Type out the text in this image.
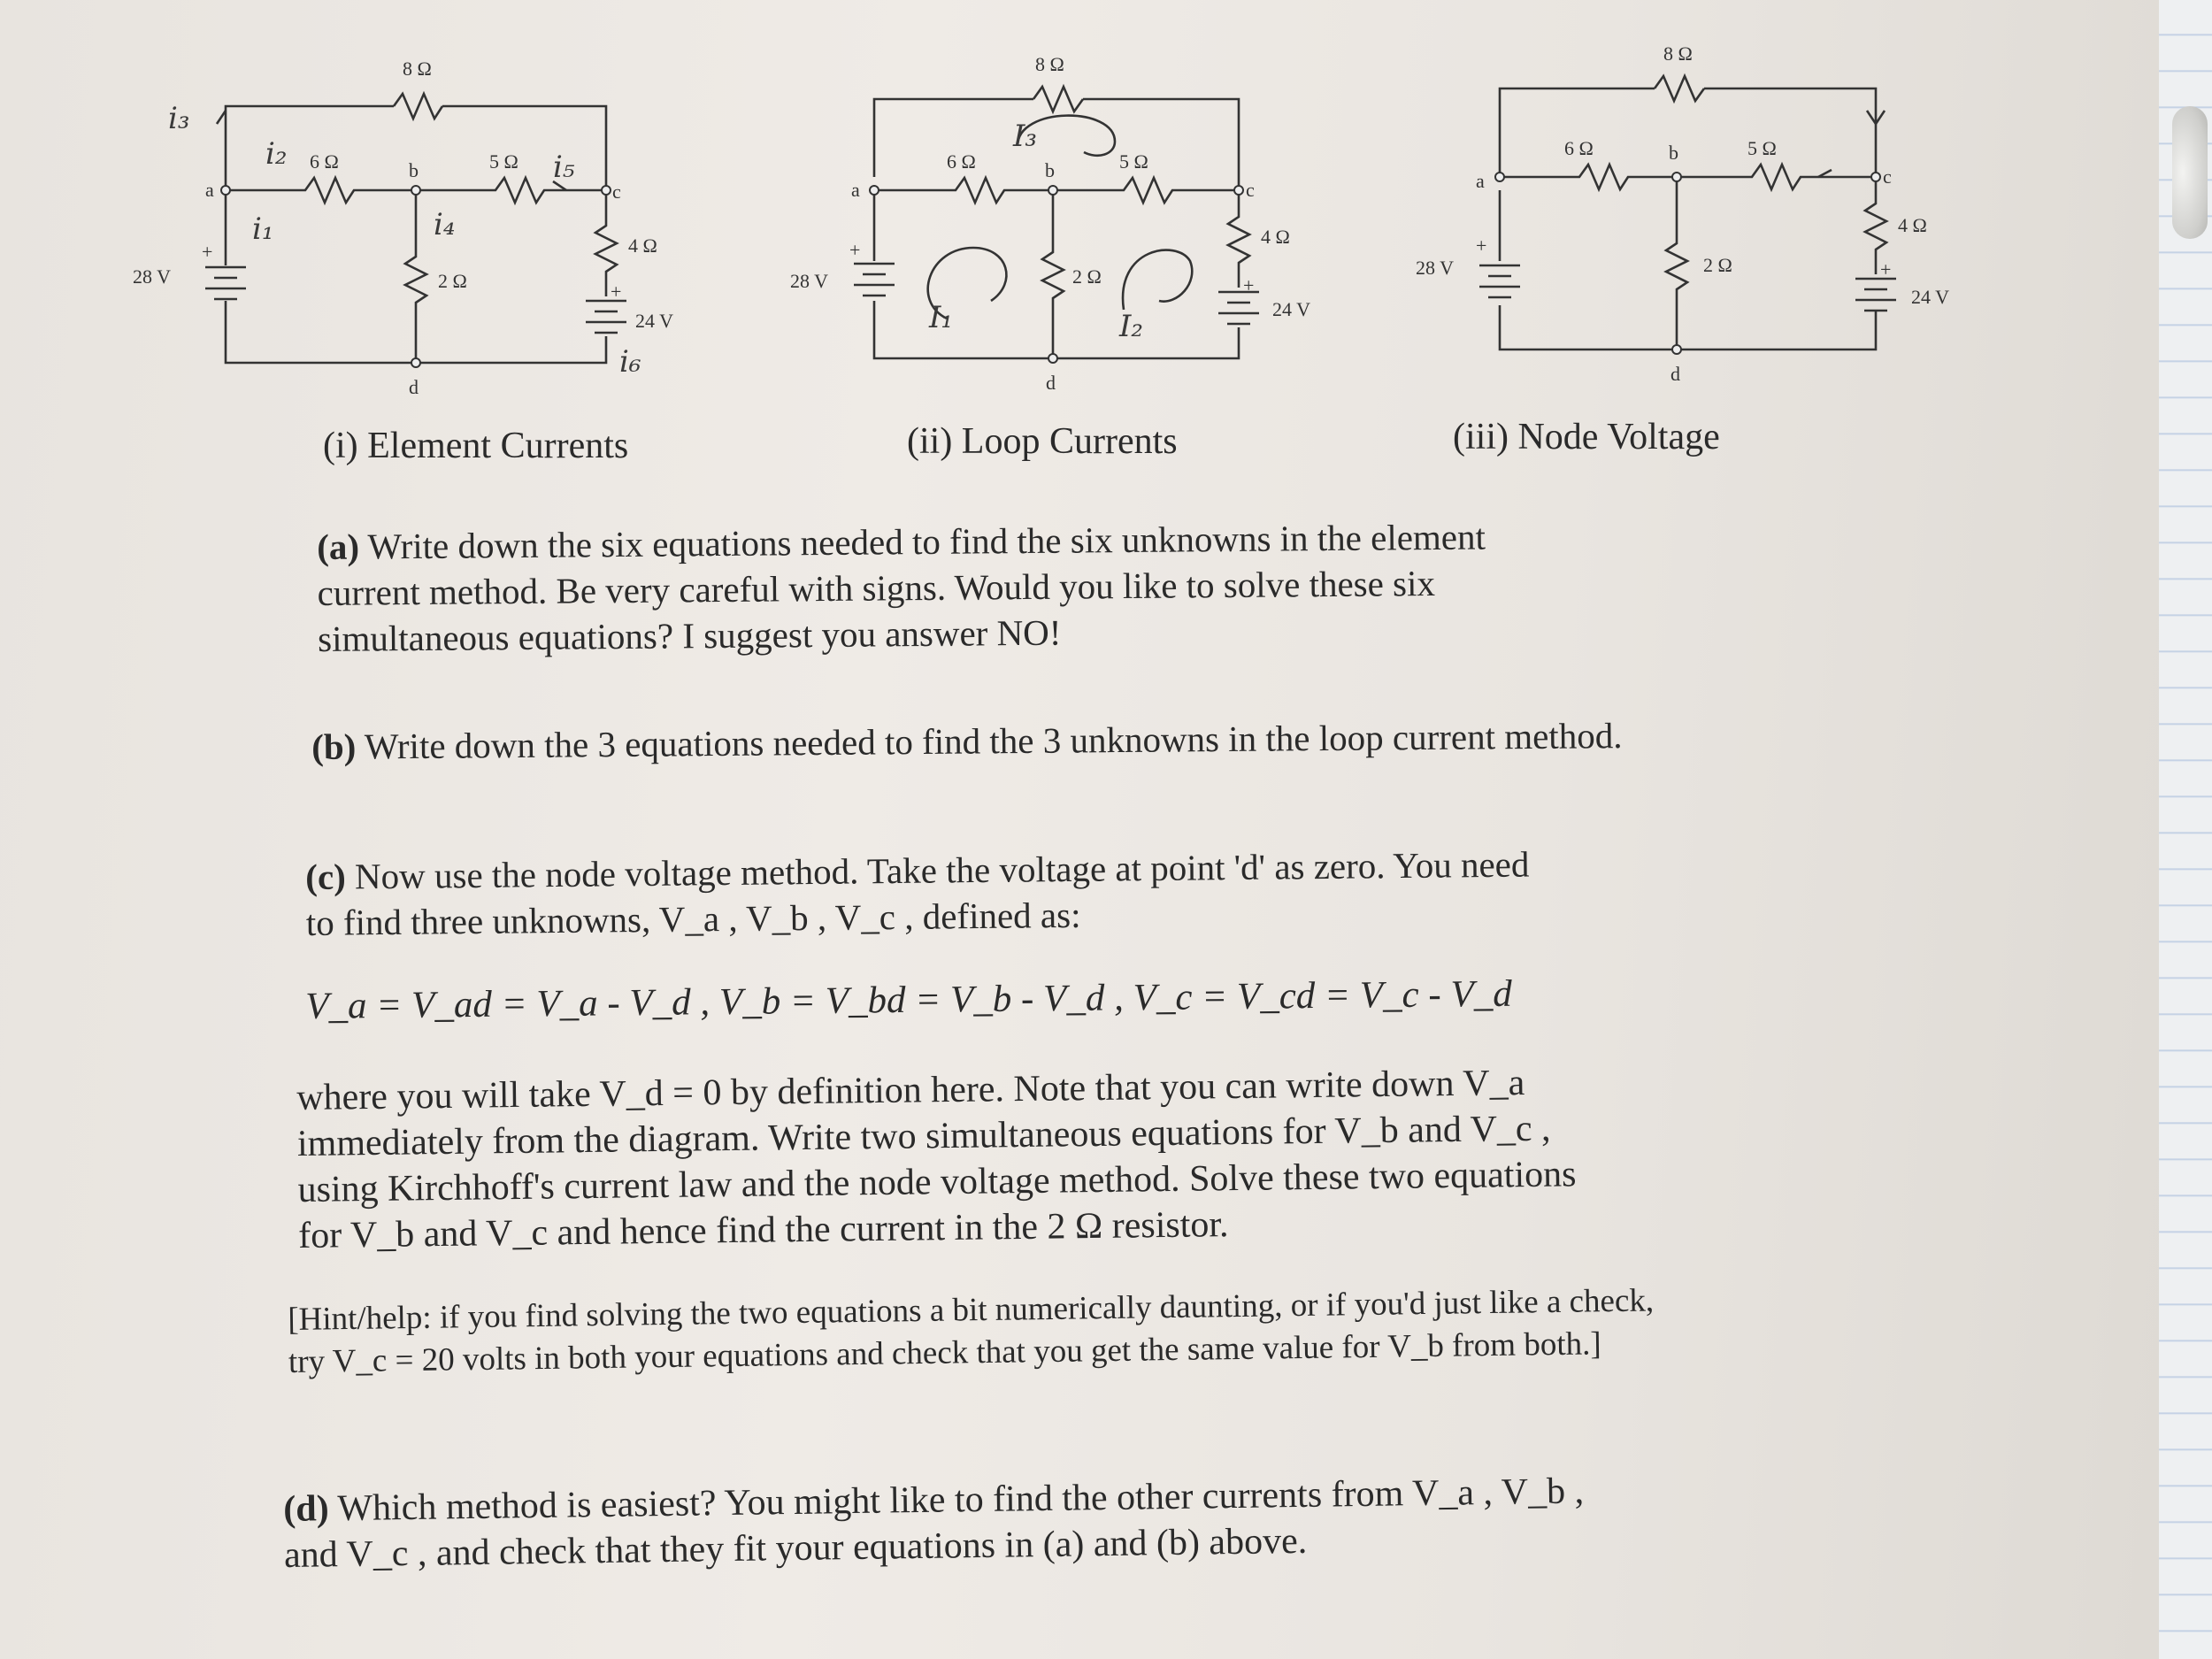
8 Ω
6 Ω	5 Ω
4 Ω
2 Ω
28 V
24 V
+
+
a
b
c
d
i₃
i₂
i₁	i₄
i₅
i₆
8 Ω
6 Ω	5 Ω
4 Ω
2 Ω
28 V
24 V
+
+
a
b
c
d
I₃
I₁	I₂
8 Ω
6 Ω	5 Ω
4 Ω
2 Ω
28 V
24 V
+
+
a
b
c
d
(i) Element Currents	(ii) Loop Currents	(iii) Node Voltage
(a) Write down the six equations needed to find the six unknowns in the element
current method. Be very careful with signs. Would you like to solve these six
simultaneous equations? I suggest you answer NO!
(b) Write down the 3 equations needed to find the 3 unknowns in the loop current method.
(c) Now use the node voltage method. Take the voltage at point 'd' as zero. You need
to find three unknowns, V_a , V_b , V_c , defined as:
V_a = V_ad = V_a - V_d , V_b = V_bd = V_b - V_d , V_c = V_cd = V_c - V_d
where you will take V_d = 0 by definition here. Note that you can write down V_a
immediately from the diagram. Write two simultaneous equations for V_b and V_c ,
using Kirchhoff's current law and the node voltage method. Solve these two equations
for V_b and V_c and hence find the current in the 2 Ω resistor.
[Hint/help: if you find solving the two equations a bit numerically daunting, or if you'd just like a check,
try V_c = 20 volts in both your equations and check that you get the same value for V_b from both.]
(d) Which method is easiest? You might like to find the other currents from V_a , V_b ,
and V_c , and check that they fit your equations in (a) and (b) above.
